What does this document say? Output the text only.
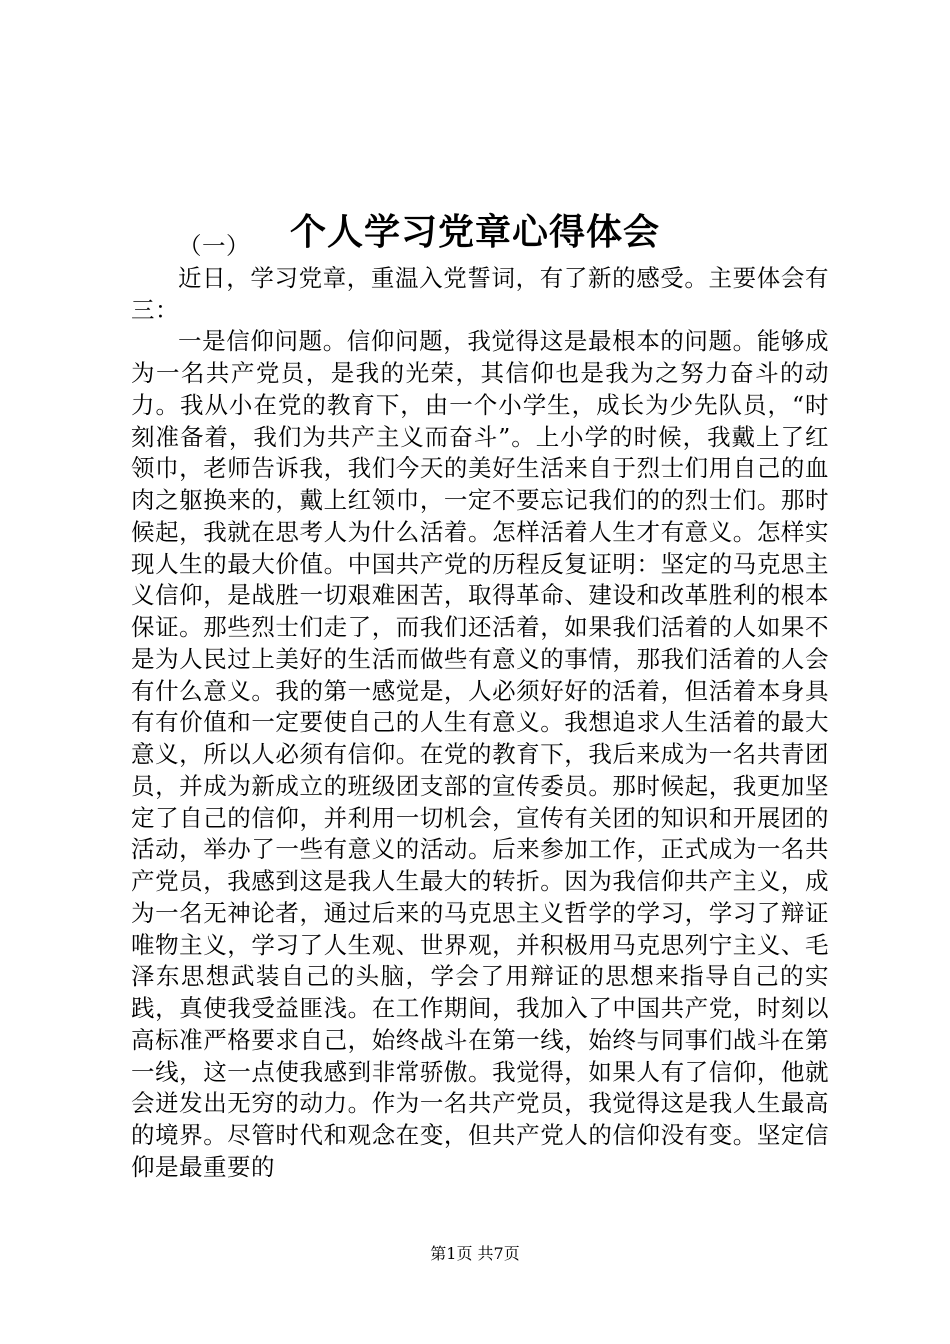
个人学习党章心得体会

（一）

近日，学习党章，重温入党誓词，有了新的感受。主要体会有三：

一是信仰问题。信仰问题，我觉得这是最根本的问题。能够成为一名共产党员，是我的光荣，其信仰也是我为之努力奋斗的动力。我从小在党的教育下，由一个小学生，成长为少先队员，“时刻准备着，我们为共产主义而奋斗”。上小学的时候，我戴上了红领巾，老师告诉我，我们今天的美好生活来自于烈士们用自己的血肉之躯换来的，戴上红领巾，一定不要忘记我们的的烈士们。那时候起，我就在思考人为什么活着。怎样活着人生才有意义。怎样实现人生的最大价值。中国共产党的历程反复证明：坚定的马克思主义信仰，是战胜一切艰难困苦，取得革命、建设和改革胜利的根本保证。那些烈士们走了，而我们还活着，如果我们活着的人如果不是为人民过上美好的生活而做些有意义的事情，那我们活着的人会有什么意义。我的第一感觉是，人必须好好的活着，但活着本身具有有价值和一定要使自己的人生有意义。我想追求人生活着的最大意义，所以人必须有信仰。在党的教育下，我后来成为一名共青团员，并成为新成立的班级团支部的宣传委员。那时候起，我更加坚定了自己的信仰，并利用一切机会，宣传有关团的知识和开展团的活动，举办了一些有意义的活动。后来参加工作，正式成为一名共产党员，我感到这是我人生最大的转折。因为我信仰共产主义，成为一名无神论者，通过后来的马克思主义哲学的学习，学习了辩证唯物主义，学习了人生观、世界观，并积极用马克思列宁主义、毛泽东思想武装自己的头脑，学会了用辩证的思想来指导自己的实践，真使我受益匪浅。在工作期间，我加入了中国共产党，时刻以高标准严格要求自己，始终战斗在第一线，始终与同事们战斗在第一线，这一点使我感到非常骄傲。我觉得，如果人有了信仰，他就会迸发出无穷的动力。作为一名共产党员，我觉得这是我人生最高的境界。尽管时代和观念在变，但共产党人的信仰没有变。坚定信仰是最重要的

第1页 共7页
